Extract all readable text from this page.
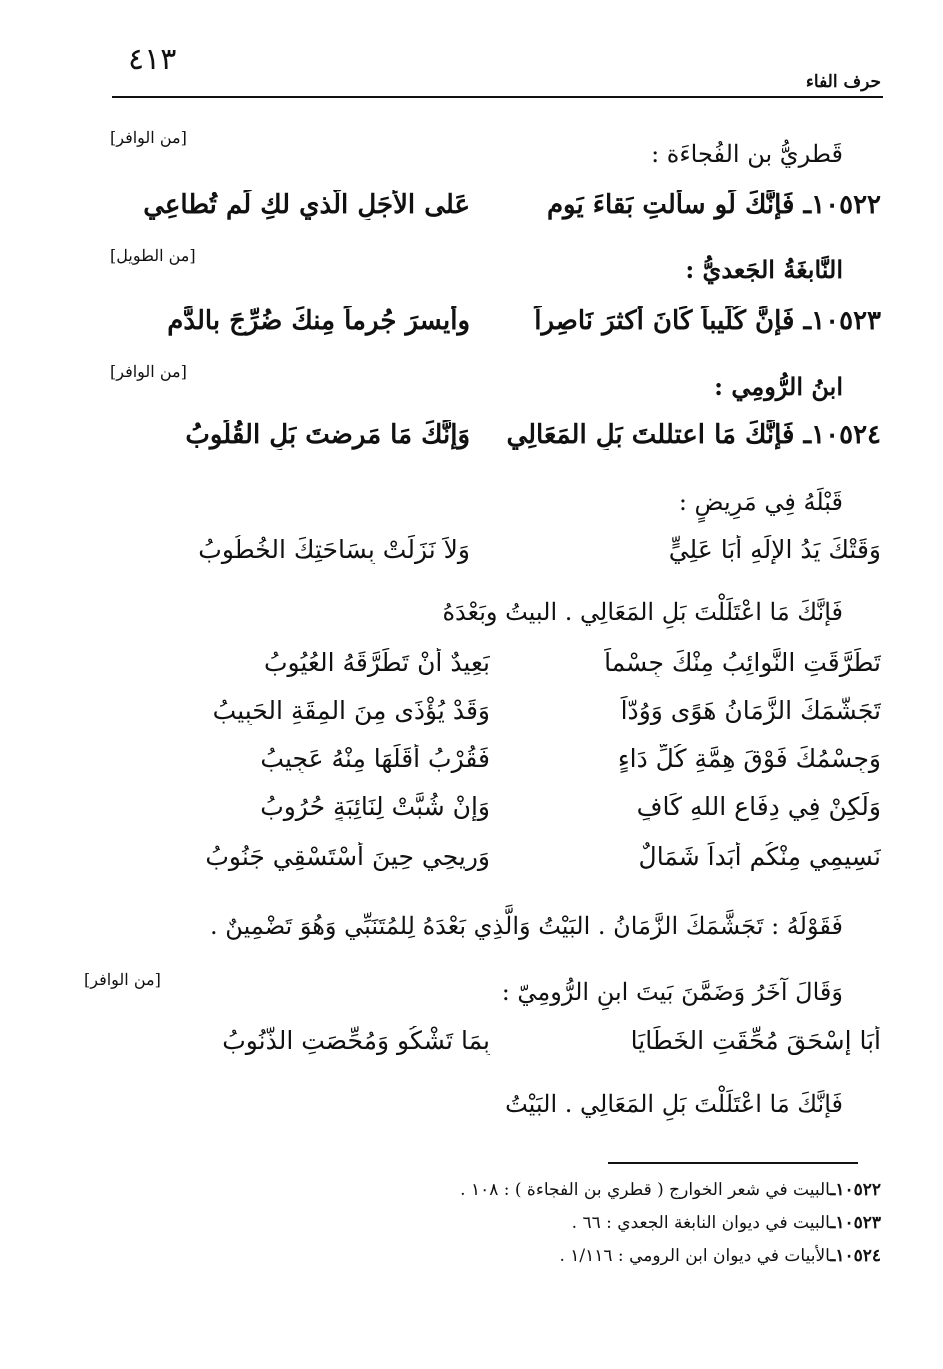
٤١٣
حرف الفاء
قَطريُّ بن الفُجاءَة :
[من الوافر]
١٠٥٢٢ـ فَإنَّكَ لَو سألتِ بَقاءَ يَومٍ
عَلى الأَجَلِ الَّذي لكِ لَم تُطاعِي
النَّابغَةُ الجَعديُّ :
[من الطويل]
١٠٥٢٣ـ فَإنَّ كُلَيباً كَانَ أَكثرَ نَاصِراً
وأَيسرَ جُرماً مِنكَ ضُرِّجَ بالدَّمِ
ابنُ الرُّومِي :
[من الوافر]
١٠٥٢٤ـ فَإنَّكَ مَا اعتللتَ بَلِ المَعَالِي
وَإنَّكَ مَا مَرضتَ بَلِ القُلُوبُ
قَبْلَهُ فِي مَرِيضٍ :
وَقَتْكَ يَدُ الإلَهِ أَبَا عَلِيٍّ
وَلاَ نَزَلَتْ بِسَاحَتِكَ الخُطُوبُ
فَإنَّكَ مَا اعْتَلَلْتَ بَلِ المَعَالِي . البيتُ وبَعْدَهُ
تَطَرَّقَتِ النَّوائِبُ مِنْكَ جِسْماً
بَعِيدٌ أَنْ تَطَرَّقَهُ العُيُوبُ
تَجَشَّمَكَ الزَّمَانُ هَوًى وَوُدّاً
وَقَدْ يُؤْذَى مِنَ المِقَةِ الحَبِيبُ
وَجِسْمُكَ فَوْقَ هِمَّةِ كُلِّ دَاءٍ
فَقُرْبُ أَقَلِّهَا مِنْهُ عَجِيبُ
وَلَكِنْ فِي دِفَاعِ اللهِ كَافٍ
وَإنْ شُبَّتْ لِنَائِبَةٍ حُرُوبُ
نَسِيمِي مِنْكُم أَبَداً شَمَالٌ
وَرِيحِي حِينَ أَسْتَسْقِي جَنُوبُ
فَقَوْلَهُ : تَجَشَّمَكَ الزَّمَانُ . البَيْتُ وَالَّذِي بَعْدَهُ لِلمُتَنَبِّي وَهُوَ تَضْمِينٌ .
وَقَالَ آخَرُ وَضَمَّنَ بَيتَ ابنِ الرُّومِيّ :
[من الوافر]
أَبَا إسْحَقَ مُحِّقَتِ الخَطَايَا
بِمَا تَشْكُو وَمُحِّصَتِ الذُّنُوبُ
فَإنَّكَ مَا اعْتَلَلْتَ بَلِ المَعَالِي . البَيْتُ
١٠٥٢٢ـالبيت في شعر الخوارج ( قطري بن الفجاءة ) : ١٠٨ .
١٠٥٢٣ـالبيت في ديوان النابغة الجعدي : ٦٦ .
١٠٥٢٤ـالأبيات في ديوان ابن الرومي : ١/١١٦ .
